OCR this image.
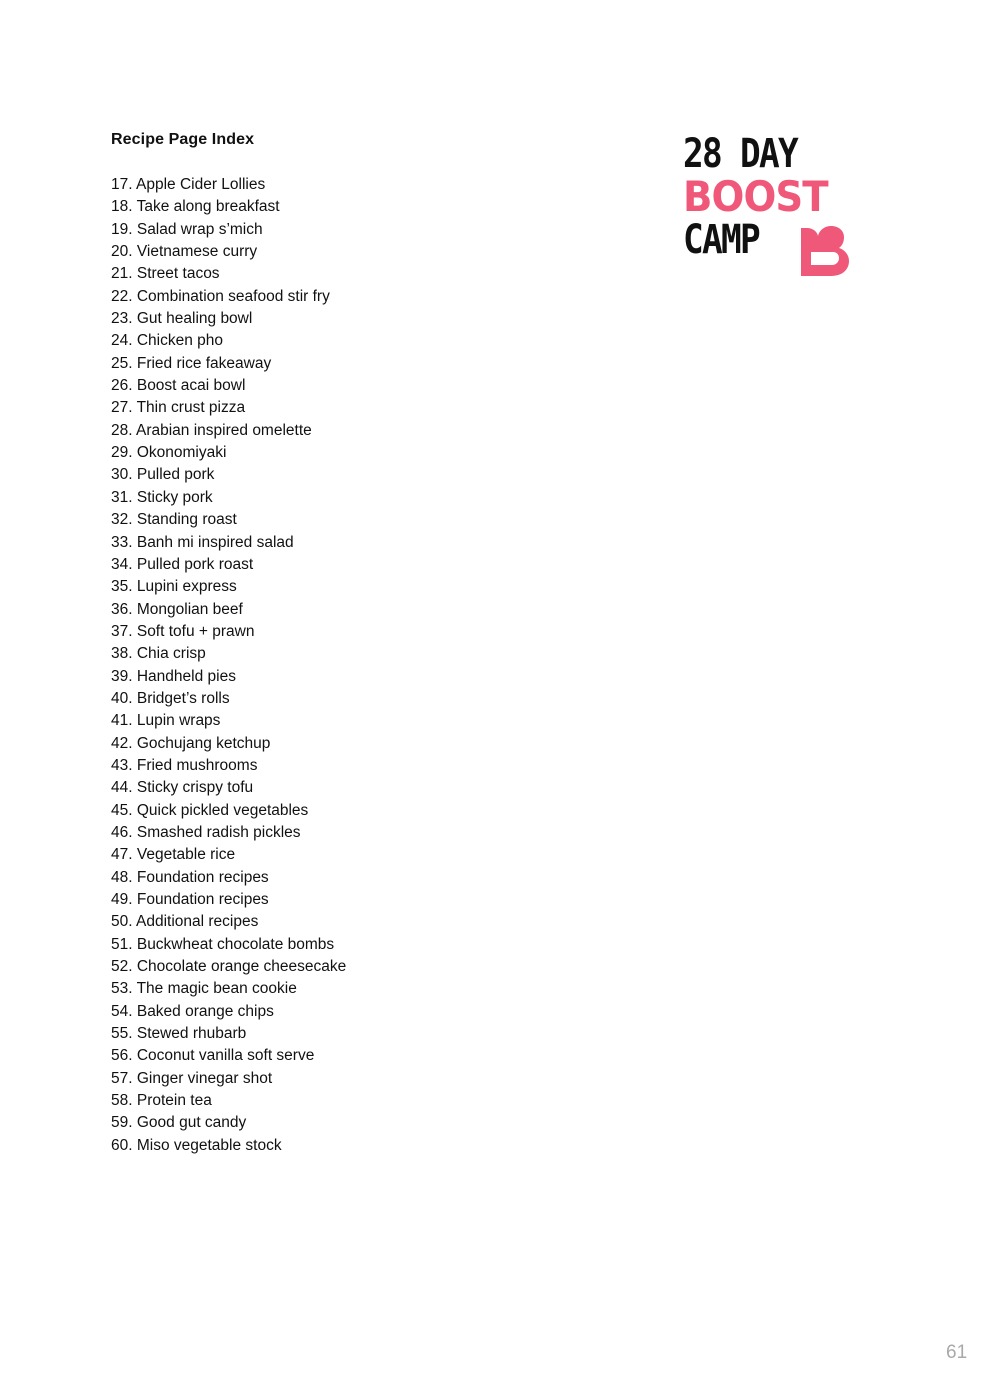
Recipe Page Index
17. Apple Cider Lollies
18. Take along breakfast
19. Salad wrap s’mich
20. Vietnamese curry
21. Street tacos
22. Combination seafood stir fry
23. Gut healing bowl
24. Chicken pho
25. Fried rice fakeaway
26. Boost acai bowl
27. Thin crust pizza
28. Arabian inspired omelette
29. Okonomiyaki
30. Pulled pork
31. Sticky pork
32. Standing roast
33. Banh mi inspired salad
34. Pulled pork roast
35. Lupini express
36. Mongolian beef
37. Soft tofu + prawn
38. Chia crisp
39. Handheld pies
40. Bridget’s rolls
41. Lupin wraps
42. Gochujang ketchup
43. Fried mushrooms
44. Sticky crispy tofu
45. Quick pickled vegetables
46. Smashed radish pickles
47. Vegetable rice
48. Foundation recipes
49. Foundation recipes
50. Additional recipes
51. Buckwheat chocolate bombs
52. Chocolate orange cheesecake
53. The magic bean cookie
54. Baked orange chips
55. Stewed rhubarb
56. Coconut vanilla soft serve
57. Ginger vinegar shot
58. Protein tea
59. Good gut candy
60. Miso vegetable stock
28 DAY
BOOST
CAMP
61
